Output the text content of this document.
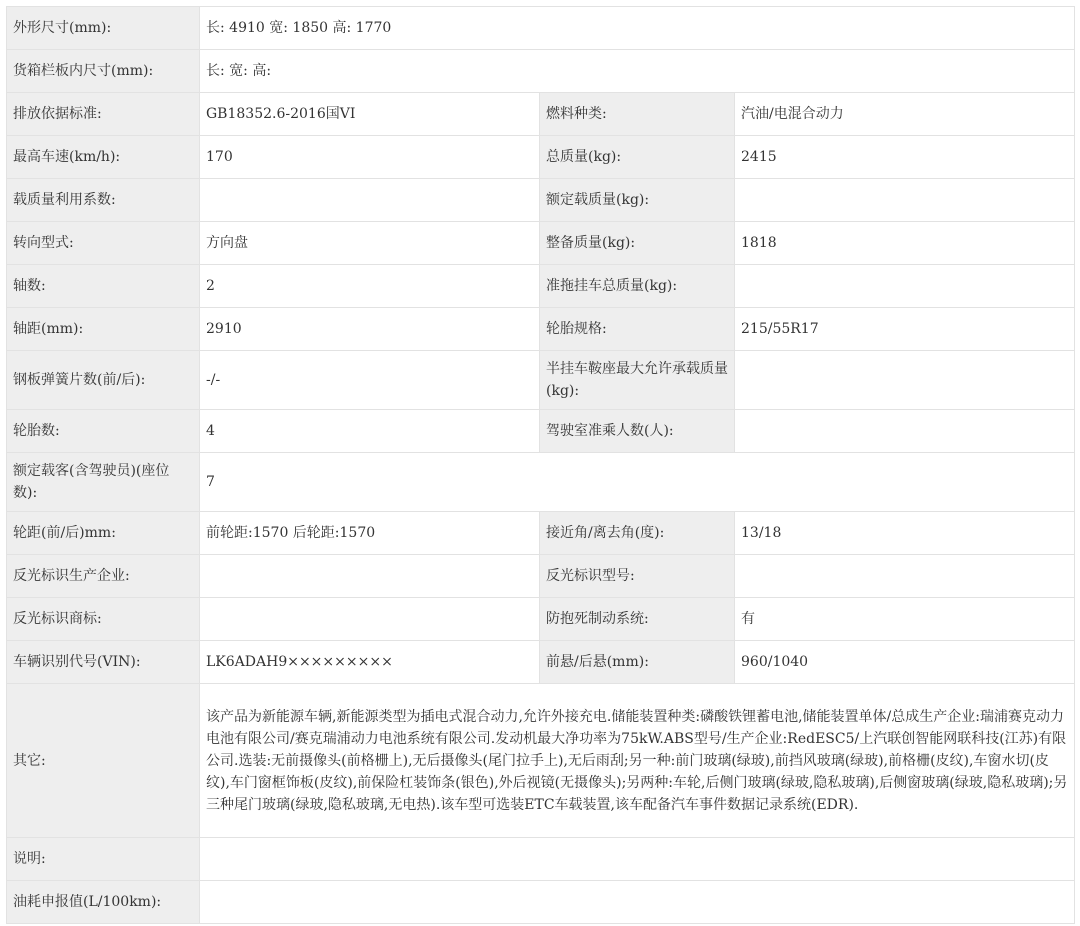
外形尺寸(mm):	长: 4910 宽: 1850 高: 1770		
货箱栏板内尺寸(mm):	长: 宽: 高:		
排放依据标准:	GB18352.6-2016国VI	燃料种类:	汽油/电混合动力
最高车速(km/h):	170	总质量(kg):	2415
载质量利用系数:		额定载质量(kg):	
转向型式:	方向盘	整备质量(kg):	1818
轴数:	2	准拖挂车总质量(kg):	
轴距(mm):	2910	轮胎规格:	215/55R17
钢板弹簧片数(前/后):	-/-	半挂车鞍座最大允许承载质量(kg):	
轮胎数:	4	驾驶室准乘人数(人):	
额定载客(含驾驶员)(座位数):	7		
轮距(前/后)mm:	前轮距:1570 后轮距:1570	接近角/离去角(度):	13/18
反光标识生产企业:		反光标识型号:	
反光标识商标:		防抱死制动系统:	有
车辆识别代号(VIN):	LK6ADAH9×××××××××	前悬/后悬(mm):	960/1040
其它:	该产品为新能源车辆,新能源类型为插电式混合动力,允许外接充电.储能装置种类:磷酸铁锂蓄电池,储能装置单体/总成生产企业:瑞浦赛克动力电池有限公司/赛克瑞浦动力电池系统有限公司.发动机最大净功率为75kW.ABS型号/生产企业:RedESC5/上汽联创智能网联科技(江苏)有限公司.选装:无前摄像头(前格栅上),无后摄像头(尾门拉手上),无后雨刮;另一种:前门玻璃(绿玻),前挡风玻璃(绿玻),前格栅(皮纹),车窗水切(皮纹),车门窗框饰板(皮纹),前保险杠装饰条(银色),外后视镜(无摄像头);另两种:车轮,后侧门玻璃(绿玻,隐私玻璃),后侧窗玻璃(绿玻,隐私玻璃);另三种尾门玻璃(绿玻,隐私玻璃,无电热).该车型可选装ETC车载装置,该车配备汽车事件数据记录系统(EDR).		
说明:			
油耗申报值(L/100km):			
